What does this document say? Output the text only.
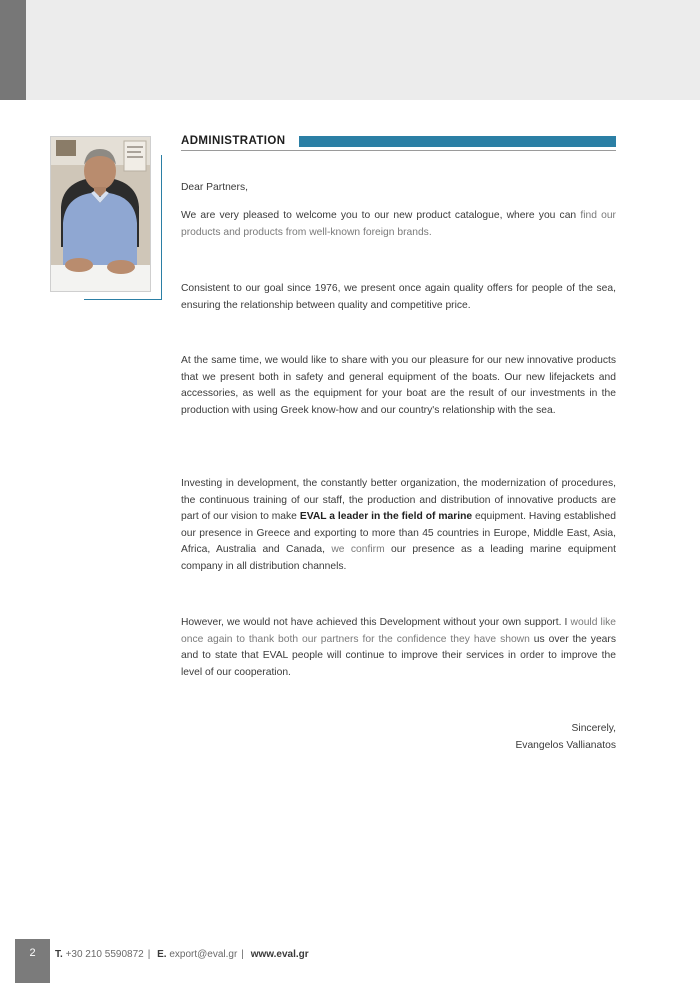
ADMINISTRATION
Dear Partners,
We are very pleased to welcome you to our new product catalogue, where you can find our products and products from well-known foreign brands.
Consistent to our goal since 1976, we present once again quality offers for people of the sea, ensuring the relationship between quality and competitive price.
At the same time, we would like to share with you our pleasure for our new innovative products that we present both in safety and general equipment of the boats. Our new lifejackets and accessories, as well as the equipment for your boat are the result of our investments in the production with using Greek know-how and our country's relationship with the sea.
Investing in development, the constantly better organization, the modernization of procedures, the continuous training of our staff, the production and distribution of innovative products are part of our vision to make EVAL a leader in the field of marine equipment. Having established our presence in Greece and exporting to more than 45 countries in Europe, Middle East, Asia, Africa, Australia and Canada, we confirm our presence as a leading marine equipment company in all distribution channels.
However, we would not have achieved this Development without your own support. I would like once again to thank both our partners for the confidence they have shown us over the years and to state that EVAL people will continue to improve their services in order to improve the level of our cooperation.
Sincerely,
Evangelos Vallianatos
2	T. +30 210 5590872 | E. export@eval.gr | www.eval.gr
